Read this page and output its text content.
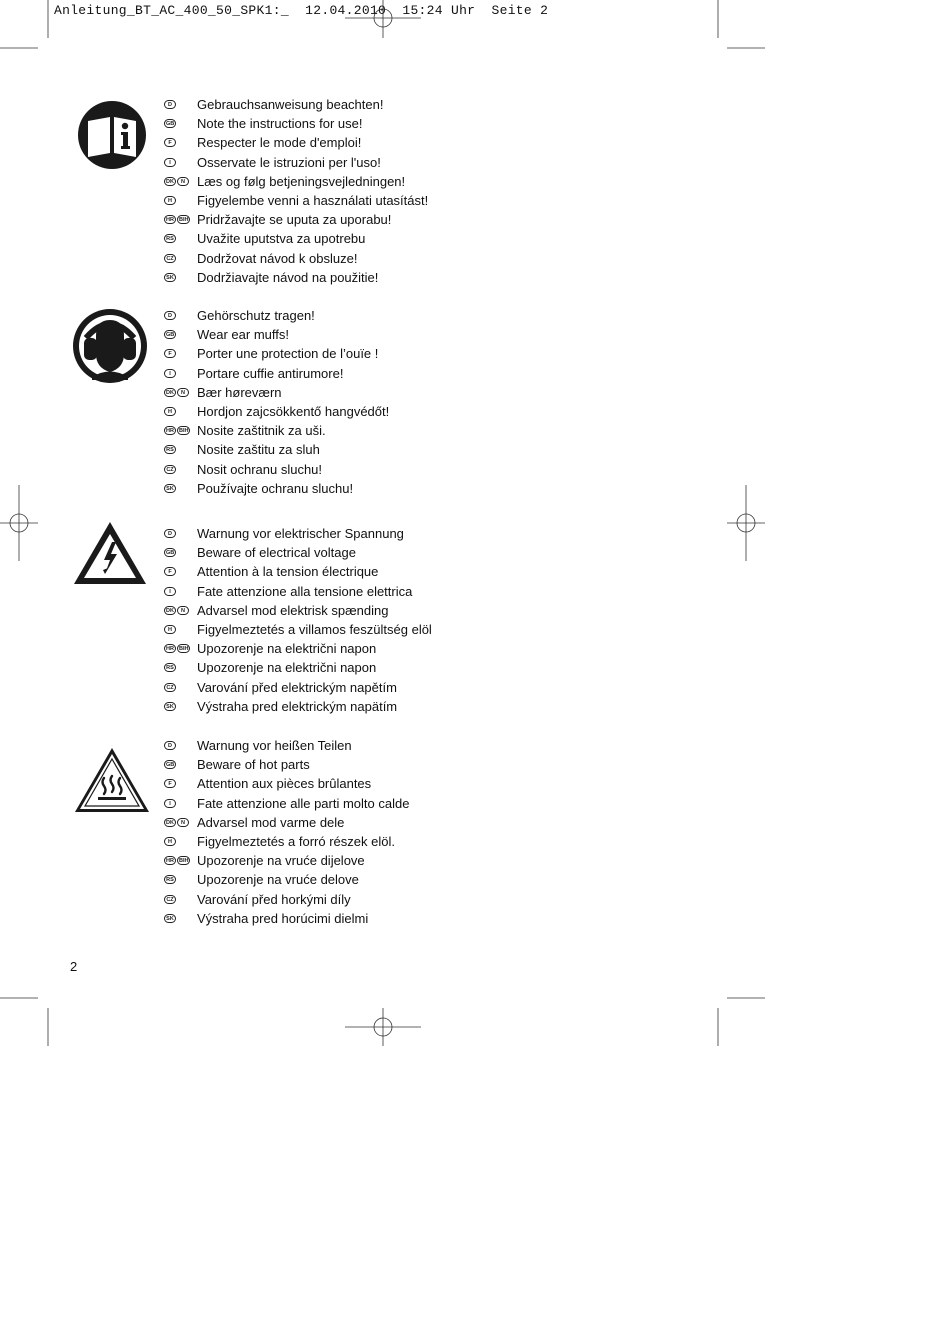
Anleitung_BT_AC_400_50_SPK1:_ 12.04.2010 15:24 Uhr Seite 2
D	Gebrauchsanweisung beachten!
GB Note the instructions for use!
F	Respecter le mode d'emploi!
I	Osservate le istruzioni per l'uso!
DK	N Læs og følg betjeningsvejledningen!
H	Figyelembe venni a használati utasítást!
HR BIH Pridržavajte se uputa za uporabu!
RS Uvažite uputstva za upotrebu
CZ Dodržovat návod k obsluze!
SK Dodržiavajte návod na použitie!
D	Gehörschutz tragen!
GB Wear ear muffs!
F	Porter une protection de l’ouïe !
I	Portare cuffie antirumore!
DK	N Bær høreværn
H	Hordjon zajcsökkentő hangvédőt!
HR BIH Nosite zaštitnik za uši.
RS Nosite zaštitu za sluh
CZ Nosit ochranu sluchu!
SK Používajte ochranu sluchu!
D	Warnung vor elektrischer Spannung
GB Beware of electrical voltage
F	Attention à la tension électrique
I	Fate attenzione alla tensione elettrica
DK	N Advarsel mod elektrisk spænding
H	Figyelmeztetés a villamos feszültség elöl
HR BIH Upozorenje na električni napon
RS Upozorenje na električni napon
CZ Varování před elektrickým napětím
SK Výstraha pred elektrickým napätím
D	Warnung vor heißen Teilen
GB Beware of hot parts
F	Attention aux pièces brûlantes
I	Fate attenzione alle parti molto calde
DK	N Advarsel mod varme dele
H	Figyelmeztetés a forró részek elöl.
HR BIH Upozorenje na vruće dijelove
RS Upozorenje na vruće delove
CZ Varování před horkými díly
SK Výstraha pred horúcimi dielmi
2
